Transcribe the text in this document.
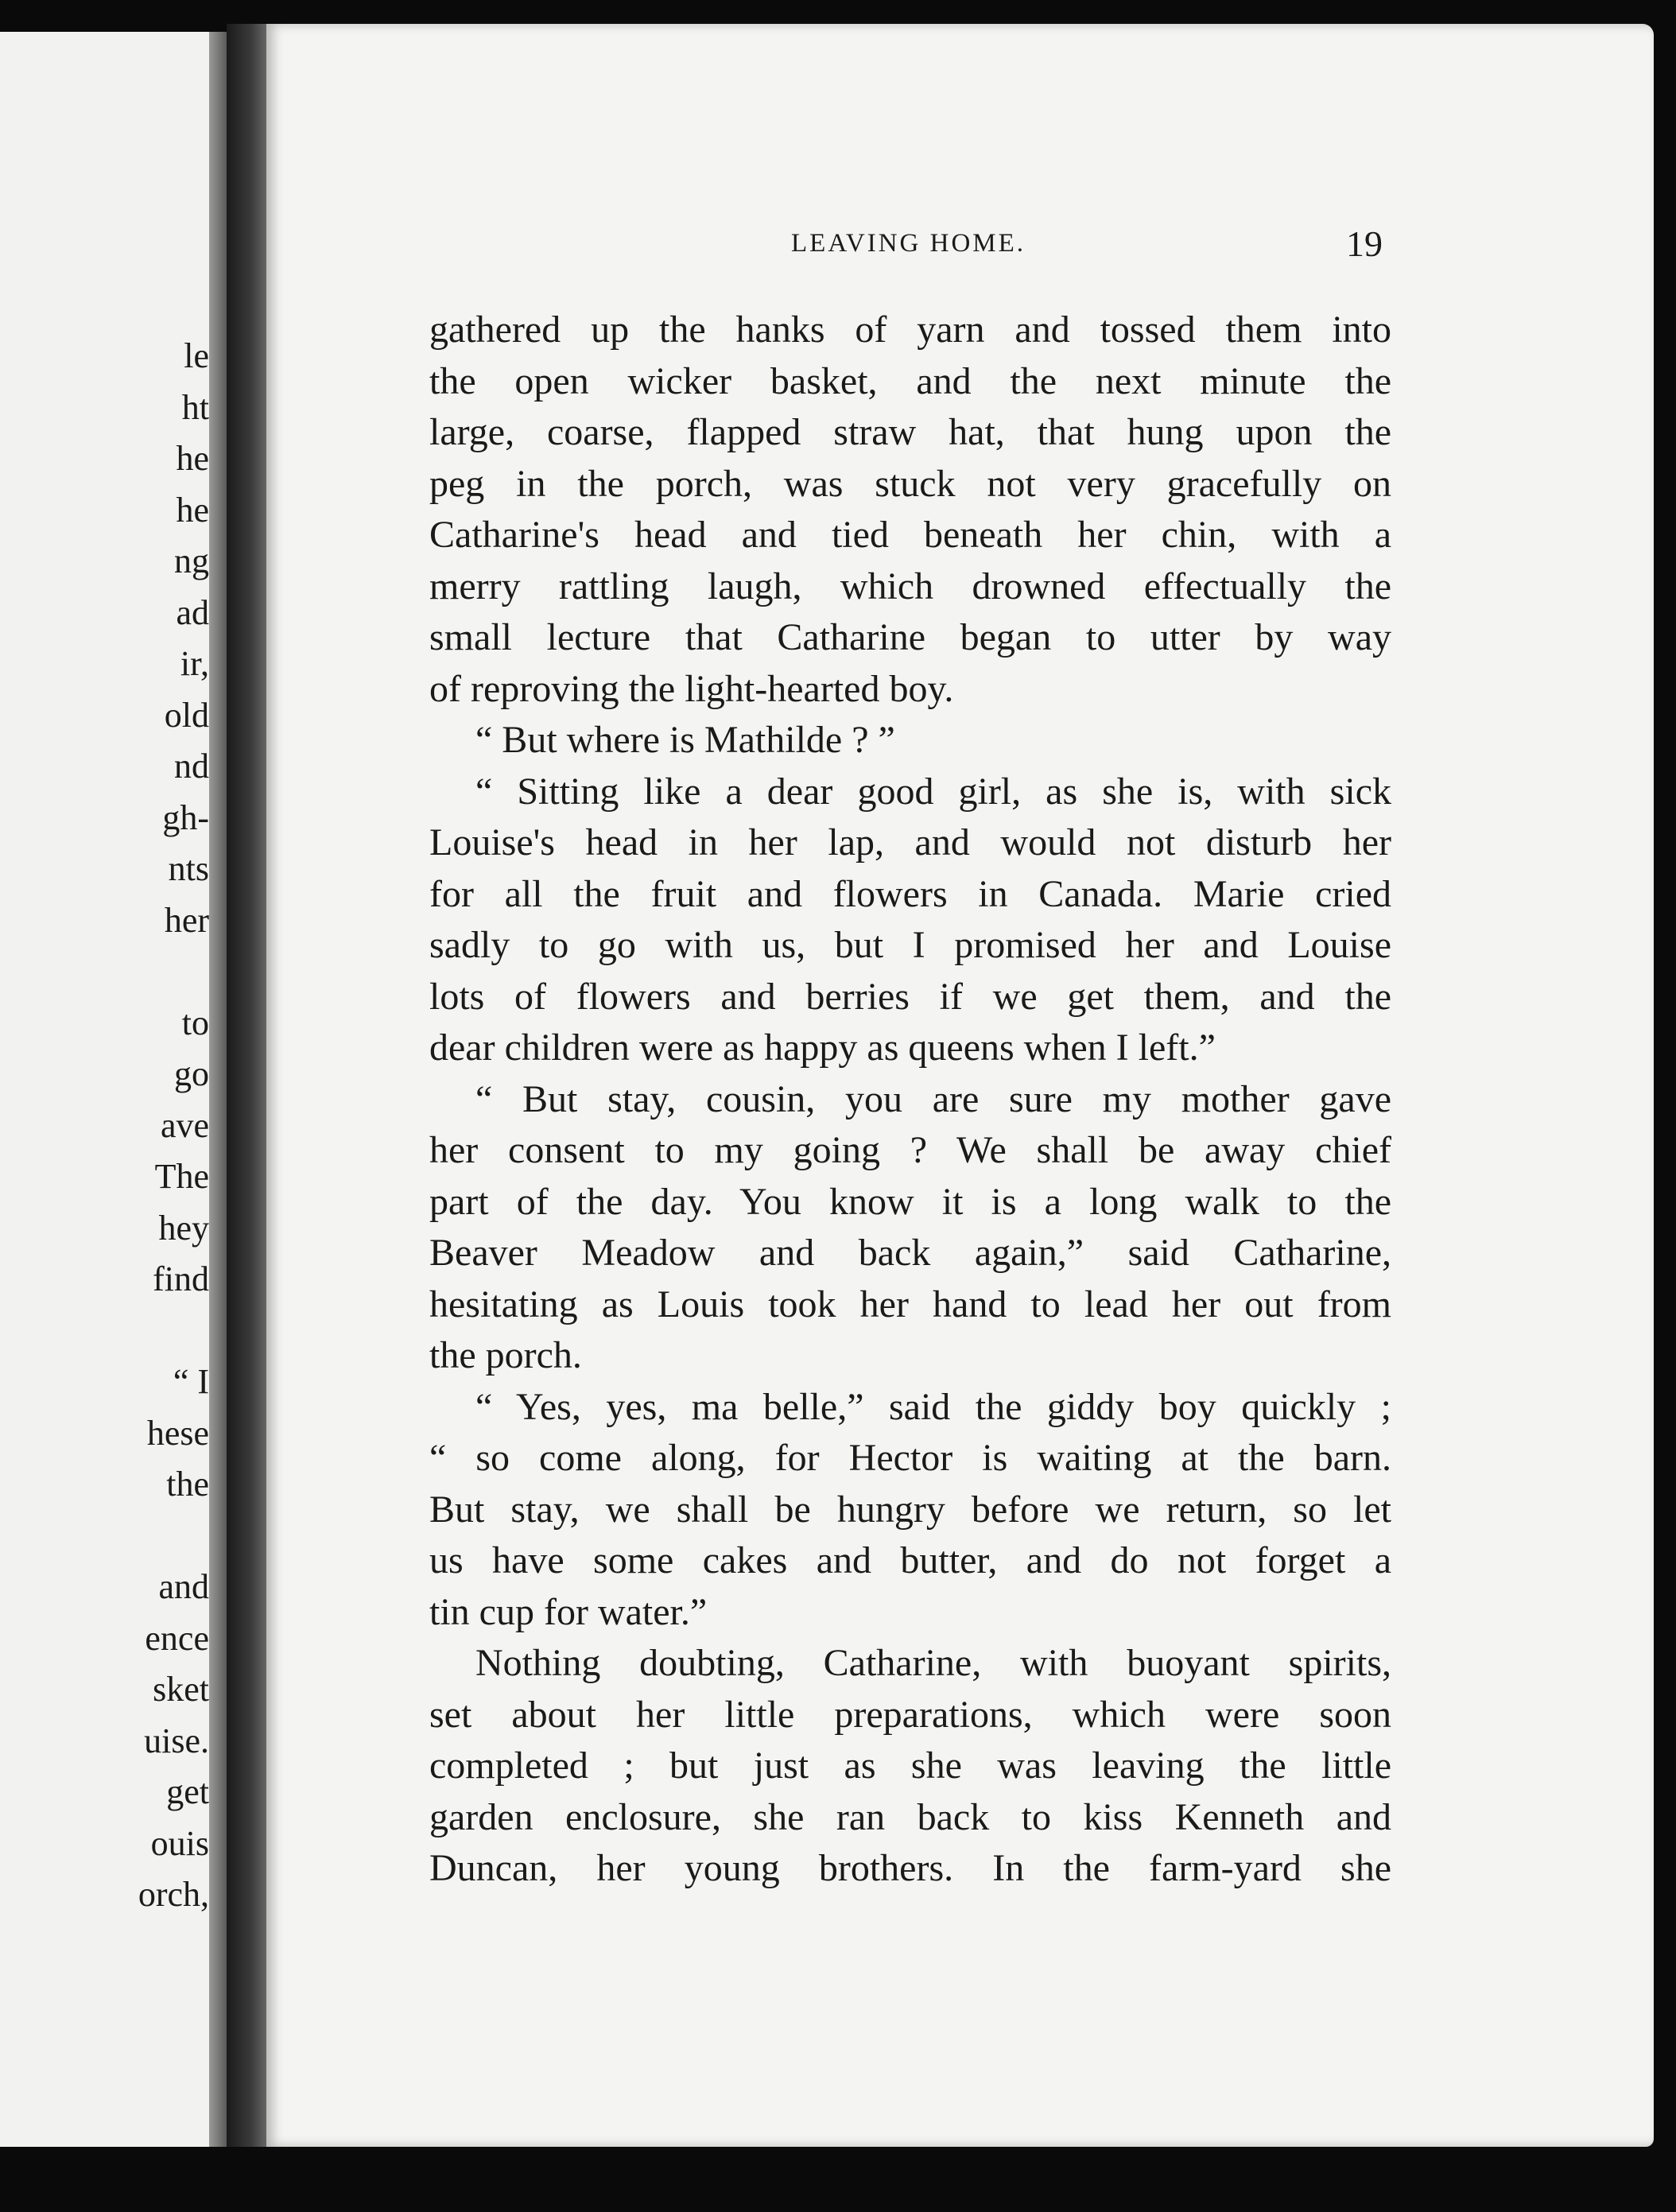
le
ht
he
he
ng
ad
ir,
old
nd
gh-
nts
her
to
go
ave
The
hey
find
“ I
hese
the
and
ence
sket
uise.
get
ouis
orch,
LEAVING HOME.	19
gathered up the hanks of yarn and tossed them into
the open wicker basket, and the next minute the
large, coarse, flapped straw hat, that hung upon the
peg in the porch, was stuck not very gracefully on
Catharine's head and tied beneath her chin, with a
merry rattling laugh, which drowned effectually the
small lecture that Catharine began to utter by way
of reproving the light-hearted boy.
“ But where is Mathilde ? ”
“ Sitting like a dear good girl, as she is, with sick
Louise's head in her lap, and would not disturb her
for all the fruit and flowers in Canada. Marie cried
sadly to go with us, but I promised her and Louise
lots of flowers and berries if we get them, and the
dear children were as happy as queens when I left.”
“ But stay, cousin, you are sure my mother gave
her consent to my going ? We shall be away chief
part of the day. You know it is a long walk to the
Beaver Meadow and back again,” said Catharine,
hesitating as Louis took her hand to lead her out from
the porch.
“ Yes, yes, ma belle,” said the giddy boy quickly ;
“ so come along, for Hector is waiting at the barn.
But stay, we shall be hungry before we return, so let
us have some cakes and butter, and do not forget a
tin cup for water.”
Nothing doubting, Catharine, with buoyant spirits,
set about her little preparations, which were soon
completed ; but just as she was leaving the little
garden enclosure, she ran back to kiss Kenneth and
Duncan, her young brothers. In the farm-yard she
